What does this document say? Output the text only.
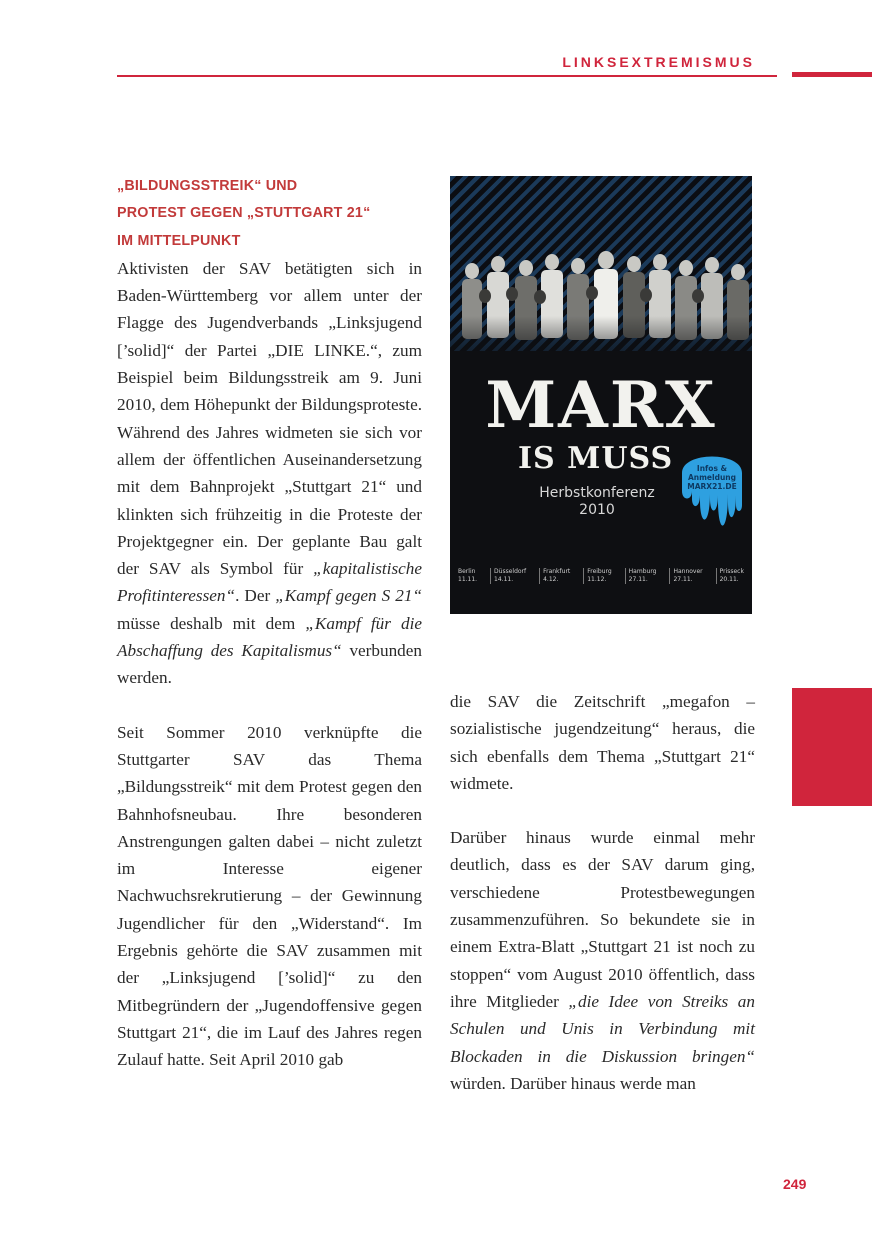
LINKSEXTREMISMUS
„BILDUNGSSTREIK“ UND
PROTEST GEGEN „STUTTGART 21“
IM MITTELPUNKT

Aktivisten der SAV betätigten sich in Baden-Württemberg vor allem unter der Flagge des Jugendverbands „Linksjugend [’solid]“ der Partei „DIE LINKE.“, zum Beispiel beim Bildungsstreik am 9. Juni 2010, dem Höhepunkt der Bildungsproteste. Während des Jahres widmeten sie sich vor allem der öffentlichen Auseinandersetzung mit dem Bahnprojekt „Stuttgart 21“ und klinkten sich frühzeitig in die Proteste der Projektgegner ein. Der geplante Bau galt der SAV als Symbol für „kapitalistische Profitinteressen“. Der „Kampf gegen S 21“ müsse deshalb mit dem „Kampf für die Abschaffung des Kapitalismus“ verbunden werden.

Seit Sommer 2010 verknüpfte die Stuttgarter SAV das Thema „Bildungsstreik“ mit dem Protest gegen den Bahnhofsneubau. Ihre besonderen Anstrengungen galten dabei – nicht zuletzt im Interesse eigener Nachwuchsrekrutierung – der Gewinnung Jugendlicher für den „Widerstand“. Im Ergebnis gehörte die SAV zusammen mit der „Linksjugend [’solid]“ zu den Mitbegründern der „Jugendoffensive gegen Stuttgart 21“, die im Lauf des Jahres regen Zulauf hatte. Seit April 2010 gab

MARX
IS MUSS
Herbstkonferenz
2010
Infos & Anmeldung
MARX21.DE
Berlin
11.11.
Düsseldorf
14.11.
Frankfurt
4.12.
Freiburg
11.12.
Hamburg
27.11.
Hannover
27.11.
Prisseck
20.11.

die SAV die Zeitschrift „megafon – sozialistische jugendzeitung“ heraus, die sich ebenfalls dem Thema „Stuttgart 21“ widmete.

Darüber hinaus wurde einmal mehr deutlich, dass es der SAV darum ging, verschiedene Protestbewegungen zusammenzuführen. So bekundete sie in einem Extra-Blatt „Stuttgart 21 ist noch zu stoppen“ vom August 2010 öffentlich, dass ihre Mitglieder „die Idee von Streiks an Schulen und Unis in Verbindung mit Blockaden in die Diskussion bringen“ würden. Darüber hinaus werde man

249
